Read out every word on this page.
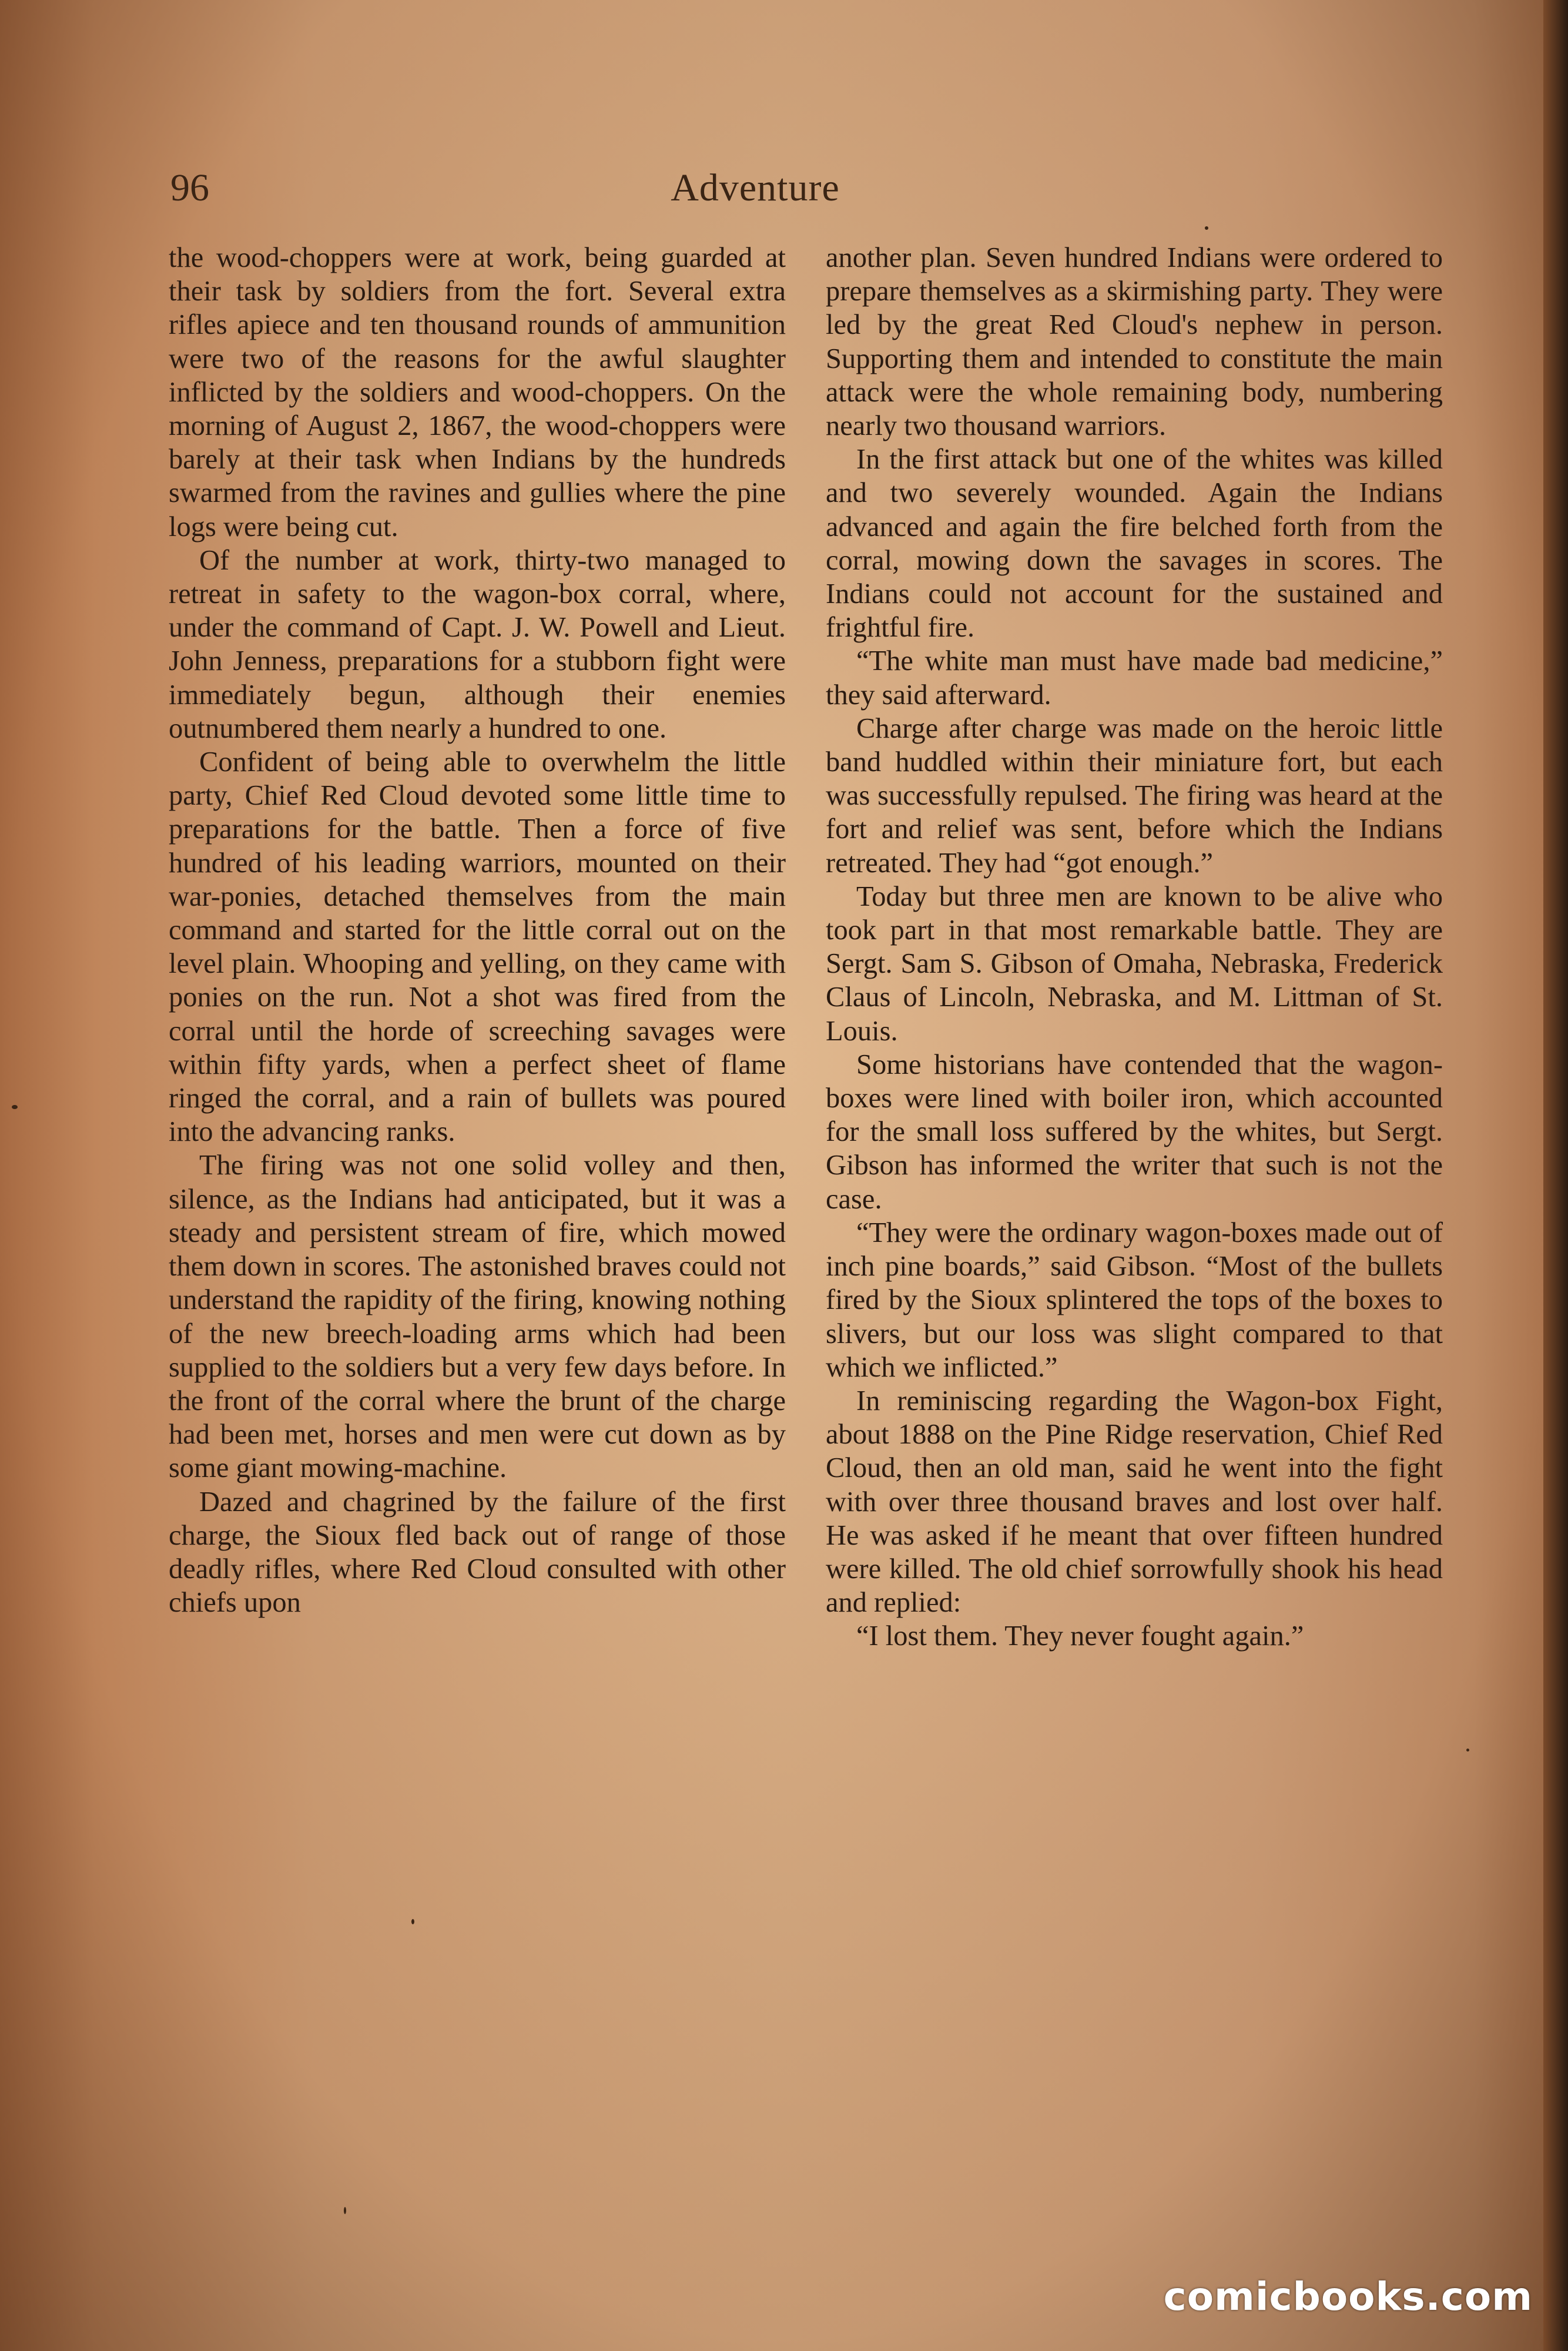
96	Adventure

the wood-choppers were at work, being guarded at their task by soldiers from the fort. Several extra rifles apiece and ten thousand rounds of ammunition were two of the reasons for the awful slaughter inflicted by the soldiers and wood-choppers. On the morning of August 2, 1867, the wood-choppers were barely at their task when Indians by the hundreds swarmed from the ravines and gullies where the pine logs were being cut.

Of the number at work, thirty-two managed to retreat in safety to the wagon-box corral, where, under the command of Capt. J. W. Powell and Lieut. John Jenness, preparations for a stubborn fight were immediately begun, although their enemies outnumbered them nearly a hundred to one.

Confident of being able to overwhelm the little party, Chief Red Cloud devoted some little time to preparations for the battle. Then a force of five hundred of his leading warriors, mounted on their war-ponies, detached themselves from the main command and started for the little corral out on the level plain. Whooping and yelling, on they came with ponies on the run. Not a shot was fired from the corral until the horde of screeching savages were within fifty yards, when a perfect sheet of flame ringed the corral, and a rain of bullets was poured into the advancing ranks.

The firing was not one solid volley and then, silence, as the Indians had anticipated, but it was a steady and persistent stream of fire, which mowed them down in scores. The astonished braves could not understand the rapidity of the firing, knowing nothing of the new breech-loading arms which had been supplied to the soldiers but a very few days before. In the front of the corral where the brunt of the charge had been met, horses and men were cut down as by some giant mowing-machine.

Dazed and chagrined by the failure of the first charge, the Sioux fled back out of range of those deadly rifles, where Red Cloud consulted with other chiefs upon

another plan. Seven hundred Indians were ordered to prepare themselves as a skirmishing party. They were led by the great Red Cloud's nephew in person. Supporting them and intended to constitute the main attack were the whole remaining body, numbering nearly two thousand warriors.

In the first attack but one of the whites was killed and two severely wounded. Again the Indians advanced and again the fire belched forth from the corral, mowing down the savages in scores. The Indians could not account for the sustained and frightful fire.

“The white man must have made bad medicine,” they said afterward.

Charge after charge was made on the heroic little band huddled within their miniature fort, but each was successfully repulsed. The firing was heard at the fort and relief was sent, before which the Indians retreated. They had “got enough.”

Today but three men are known to be alive who took part in that most remarkable battle. They are Sergt. Sam S. Gibson of Omaha, Nebraska, Frederick Claus of Lincoln, Nebraska, and M. Littman of St. Louis.

Some historians have contended that the wagon-boxes were lined with boiler iron, which accounted for the small loss suffered by the whites, but Sergt. Gibson has informed the writer that such is not the case.

“They were the ordinary wagon-boxes made out of inch pine boards,” said Gibson. “Most of the bullets fired by the Sioux splintered the tops of the boxes to slivers, but our loss was slight compared to that which we inflicted.”

In reminiscing regarding the Wagon-box Fight, about 1888 on the Pine Ridge reservation, Chief Red Cloud, then an old man, said he went into the fight with over three thousand braves and lost over half. He was asked if he meant that over fifteen hundred were killed. The old chief sorrowfully shook his head and replied:

“I lost them. They never fought again.”

comicbooks.com
